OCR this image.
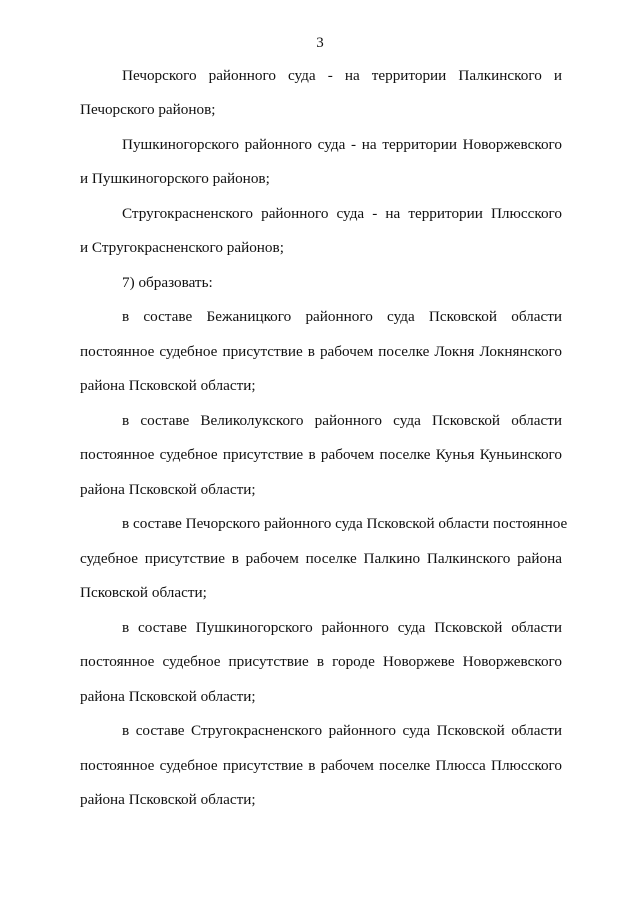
3
Печорского районного суда - на территории Палкинского и
Печорского районов;
Пушкиногорского районного суда - на территории Новоржевского
и Пушкиногорского районов;
Стругокрасненского районного суда - на территории Плюсского
и Стругокрасненского районов;
7) образовать:
в составе Бежаницкого районного суда Псковской области
постоянное судебное присутствие в рабочем поселке Локня Локнянского
района Псковской области;
в составе Великолукского районного суда Псковской области
постоянное судебное присутствие в рабочем поселке Кунья Куньинского
района Псковской области;
в составе Печорского районного суда Псковской области постоянное
судебное присутствие в рабочем поселке Палкино Палкинского района
Псковской области;
в составе Пушкиногорского районного суда Псковской области
постоянное судебное присутствие в городе Новоржеве Новоржевского
района Псковской области;
в составе Стругокрасненского районного суда Псковской области
постоянное судебное присутствие в рабочем поселке Плюсса Плюсского
района Псковской области;
